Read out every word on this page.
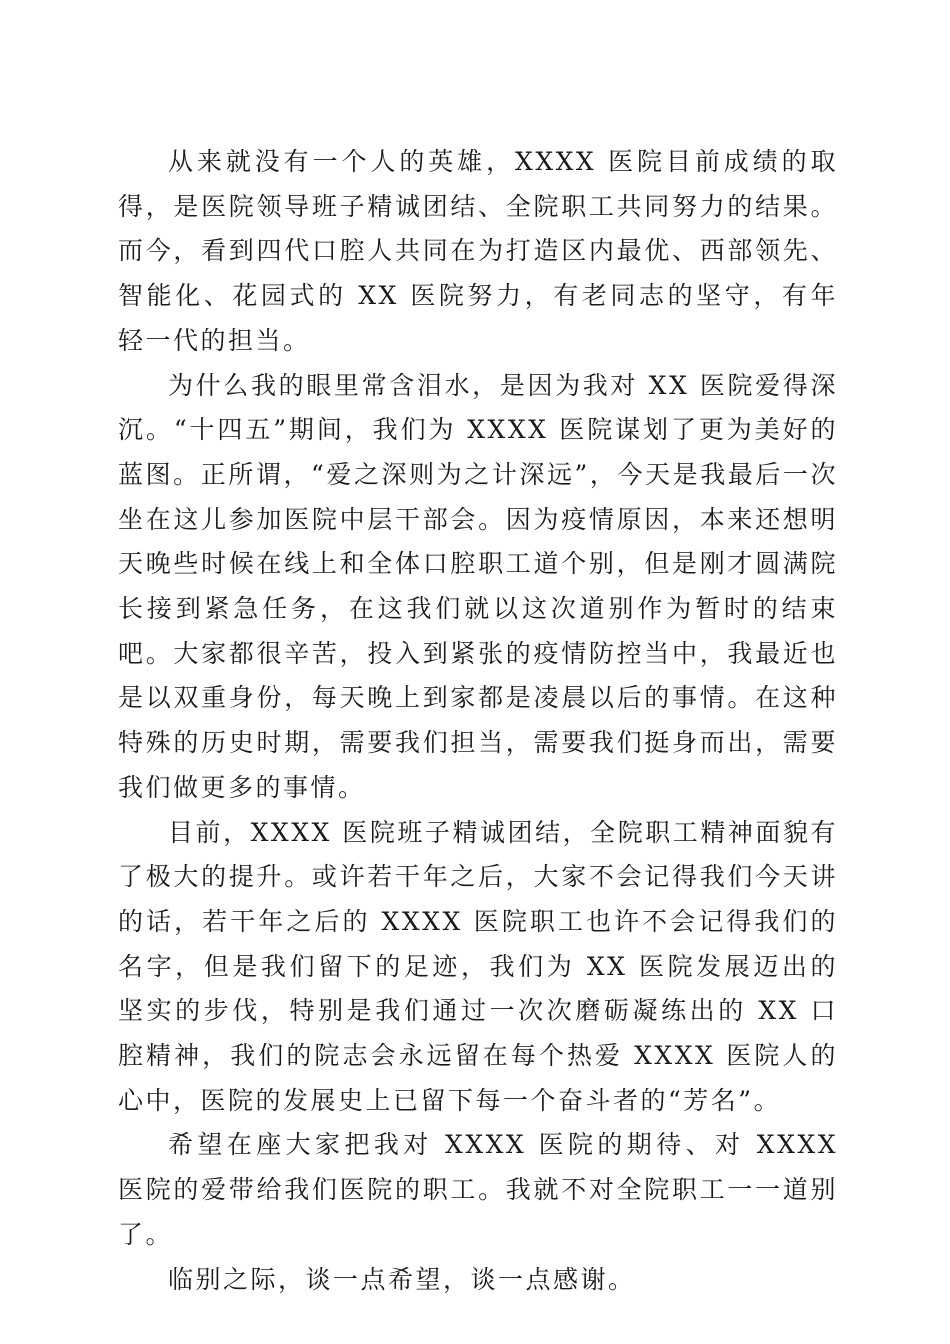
从来就没有一个人的英雄，XXXX 医院目前成绩的取得，是医院领导班子精诚团结、全院职工共同努力的结果。而今，看到四代口腔人共同在为打造区内最优、西部领先、智能化、花园式的 XX 医院努力，有老同志的坚守，有年轻一代的担当。

为什么我的眼里常含泪水，是因为我对 XX 医院爱得深沉。“十四五”期间，我们为 XXXX 医院谋划了更为美好的蓝图。正所谓，“爱之深则为之计深远”，今天是我最后一次坐在这儿参加医院中层干部会。因为疫情原因，本来还想明天晚些时候在线上和全体口腔职工道个别，但是刚才圆满院长接到紧急任务，在这我们就以这次道别作为暂时的结束吧。大家都很辛苦，投入到紧张的疫情防控当中，我最近也是以双重身份，每天晚上到家都是凌晨以后的事情。在这种特殊的历史时期，需要我们担当，需要我们挺身而出，需要我们做更多的事情。

目前，XXXX 医院班子精诚团结，全院职工精神面貌有了极大的提升。或许若干年之后，大家不会记得我们今天讲的话，若干年之后的 XXXX 医院职工也许不会记得我们的名字，但是我们留下的足迹，我们为 XX 医院发展迈出的坚实的步伐，特别是我们通过一次次磨砺凝练出的 XX 口腔精神，我们的院志会永远留在每个热爱 XXXX 医院人的心中，医院的发展史上已留下每一个奋斗者的“芳名”。

希望在座大家把我对 XXXX 医院的期待、对 XXXX 医院的爱带给我们医院的职工。我就不对全院职工一一道别了。

临别之际，谈一点希望，谈一点感谢。
